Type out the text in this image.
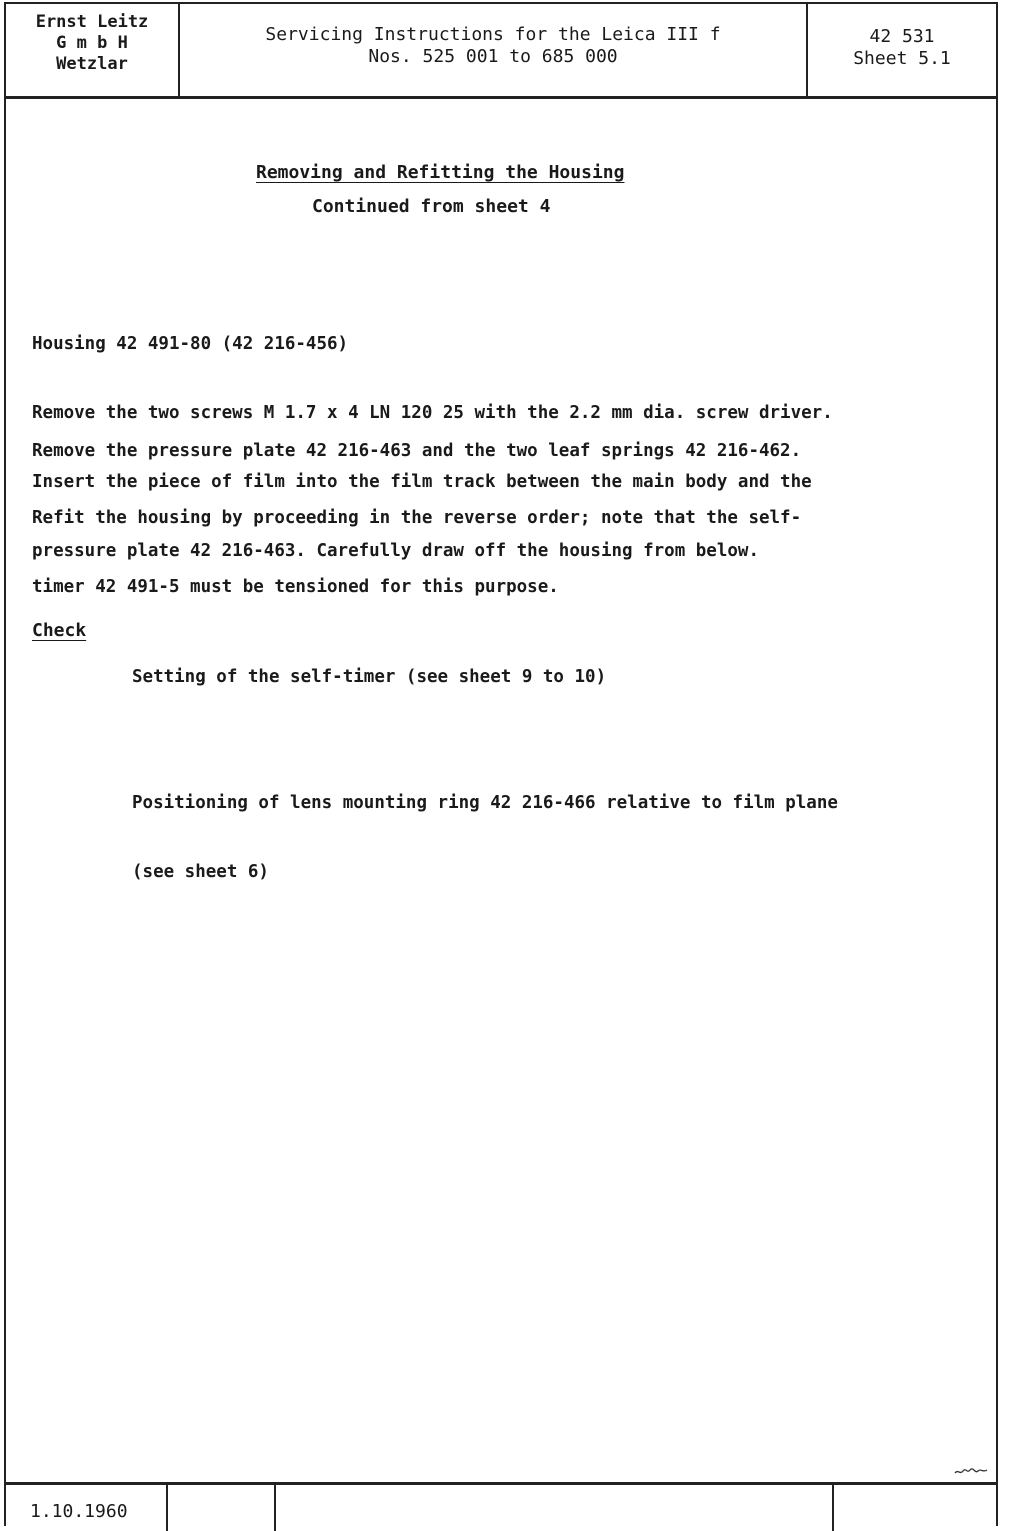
Ernst Leitz
G m b H
Wetzlar
Servicing Instructions for the Leica III f
Nos. 525 001 to 685 000
42 531
Sheet 5.1
Removing and Refitting the Housing
Continued from sheet 4

Housing 42 491-80 (42 216-456)

Remove the two screws M 1.7 x 4 LN 120 25 with the 2.2 mm dia. screw driver.

Insert the piece of film into the film track between the main body and the

pressure plate 42 216-463. Carefully draw off the housing from below.

Remove the pressure plate 42 216-463 and the two leaf springs 42 216-462.

Refit the housing by proceeding in the reverse order; note that the self-

timer 42 491-5 must be tensioned for this purpose.

Check

Setting of the self-timer (see sheet 9 to 10)

Positioning of lens mounting ring 42 216-466 relative to film plane

(see sheet 6)

1.10.1960
